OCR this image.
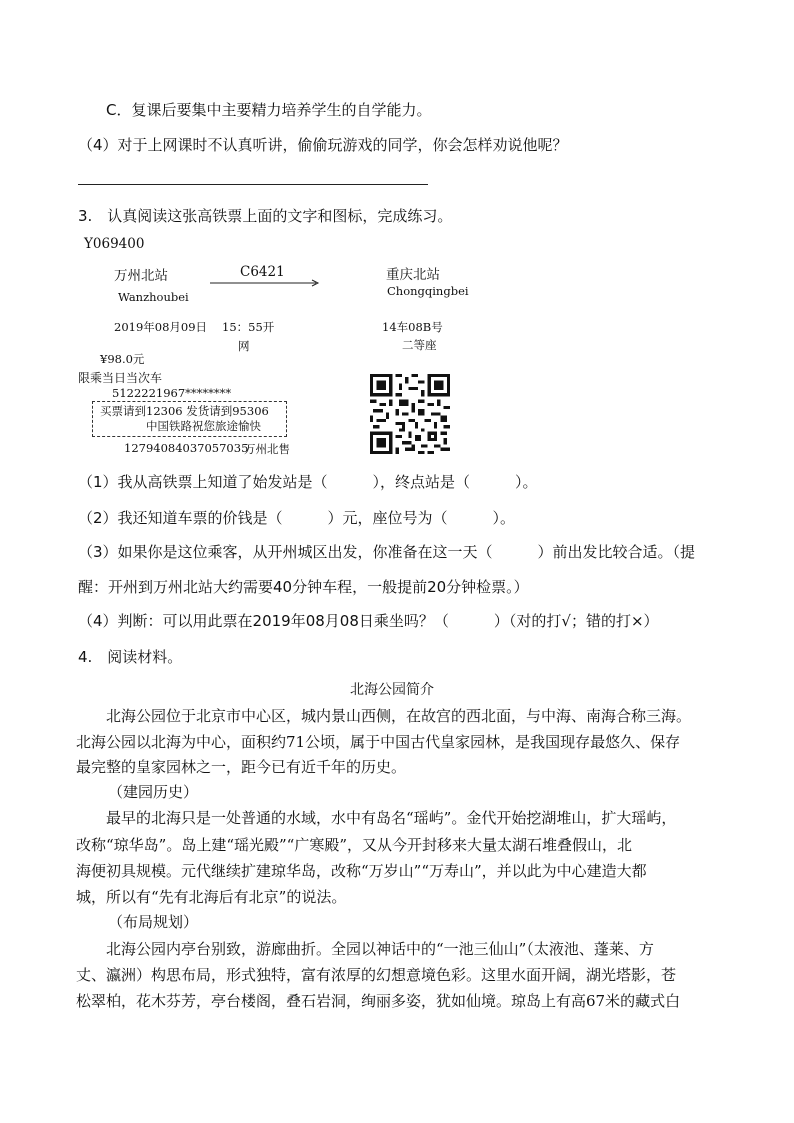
C．复课后要集中主要精力培养学生的自学能力。
（4）对于上网课时不认真听讲，偷偷玩游戏的同学，你会怎样劝说他呢？
3.　认真阅读这张高铁票上面的文字和图标，完成练习。
Y069400
万州北站
Wanzhoubei
C6421	重庆北站
Chongqingbei
2019年08月09日 15：55开
网
14车08B号
二等座
¥98.0元
限乘当日当次车
5122221967********
买票请到12306 发货请到95306
中国铁路祝您旅途愉快
12794084037057035
万州北售
（1）我从高铁票上知道了始发站是（　　　），终点站是（　　　）。
（2）我还知道车票的价钱是（　　　）元，座位号为（　　　）。
（3）如果你是这位乘客，从开州城区出发，你准备在这一天（　　　）前出发比较合适。（提
醒：开州到万州北站大约需要40分钟车程，一般提前20分钟检票。）
（4）判断：可以用此票在2019年08月08日乘坐吗？（　　　）（对的打√；错的打×）
4.　阅读材料。
北海公园简介
北海公园位于北京市中心区，城内景山西侧，在故宫的西北面，与中海、南海合称三海。
北海公园以北海为中心，面积约71公顷，属于中国古代皇家园林，是我国现存最悠久、保存
最完整的皇家园林之一，距今已有近千年的历史。
（建园历史）
最早的北海只是一处普通的水域，水中有岛名“瑶屿”。金代开始挖湖堆山，扩大瑶屿，
改称“琼华岛”。岛上建“瑶光殿”“广寒殿”，又从今开封移来大量太湖石堆叠假山，北
海便初具规模。元代继续扩建琼华岛，改称“万岁山”“万寿山”，并以此为中心建造大都
城，所以有“先有北海后有北京”的说法。
（布局规划）
北海公园内亭台别致，游廊曲折。全园以神话中的“一池三仙山”（太液池、蓬莱、方
丈、瀛洲）构思布局，形式独特，富有浓厚的幻想意境色彩。这里水面开阔，湖光塔影，苍
松翠柏，花木芬芳，亭台楼阁，叠石岩洞，绚丽多姿，犹如仙境。琼岛上有高67米的藏式白
